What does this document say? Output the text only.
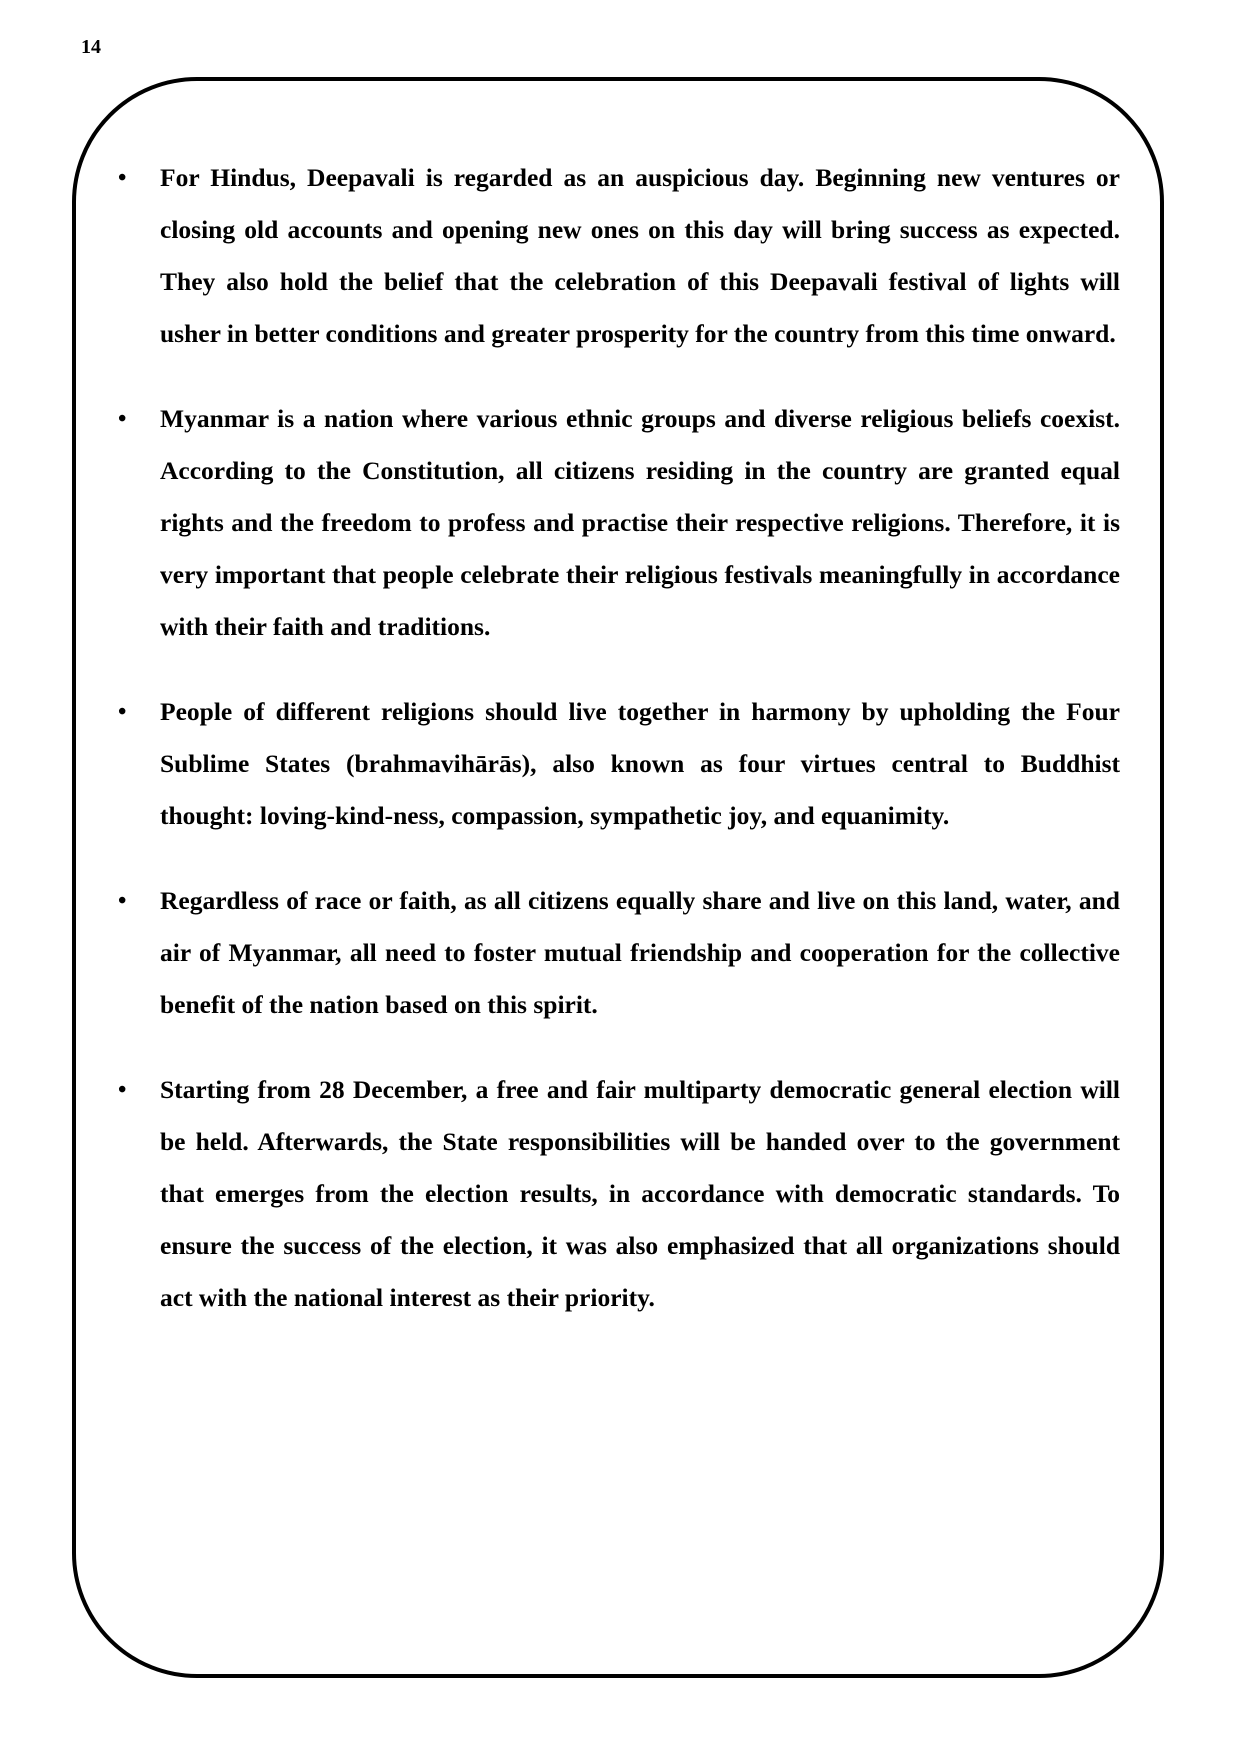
14
• For Hindus, Deepavali is regarded as an auspicious day. Beginning new ventures or closing old accounts and opening new ones on this day will bring success as expected. They also hold the belief that the celebration of this Deepavali festival of lights will usher in better conditions and greater prosperity for the country from this time onward.

• Myanmar is a nation where various ethnic groups and diverse religious beliefs coexist. According to the Constitution, all citizens residing in the country are granted equal rights and the freedom to profess and practise their respective religions. Therefore, it is very important that people celebrate their religious festivals meaningfully in accordance with their faith and traditions.

• People of different religions should live together in harmony by upholding the Four Sublime States (brahmavihārās), also known as four virtues central to Buddhist thought: loving-kind-ness, compassion, sympathetic joy, and equanimity.

• Regardless of race or faith, as all citizens equally share and live on this land, water, and air of Myanmar, all need to foster mutual friendship and cooperation for the collective benefit of the nation based on this spirit.

• Starting from 28 December, a free and fair multiparty democratic general election will be held. Afterwards, the State responsibilities will be handed over to the government that emerges from the election results, in accordance with democratic standards. To ensure the success of the election, it was also emphasized that all organizations should act with the national interest as their priority.
